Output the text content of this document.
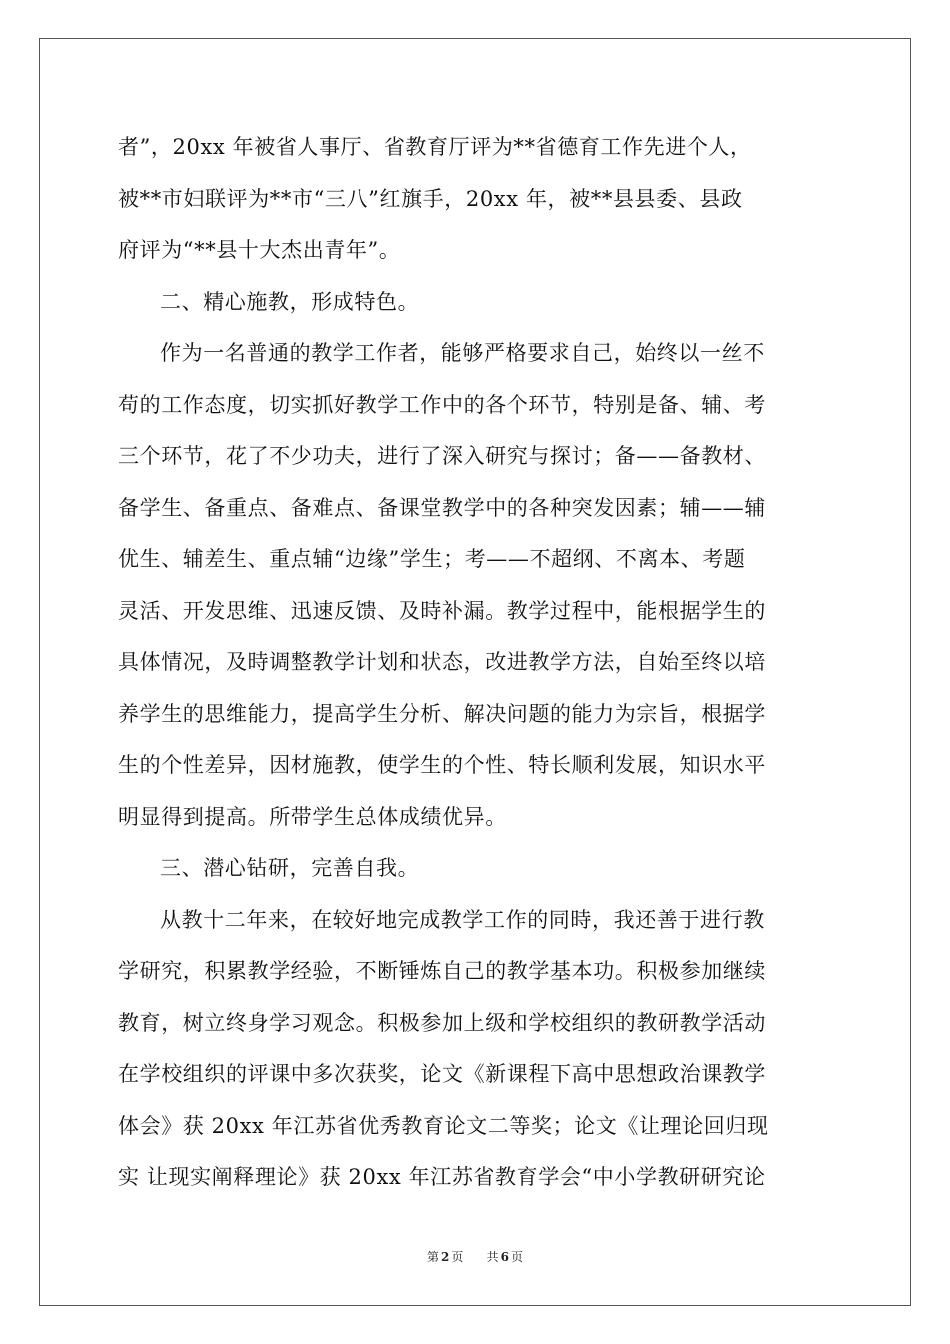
者”，20xx 年被省人事厅、省教育厅评为**省德育工作先进个人，
被**市妇联评为**市“三八”红旗手，20xx 年，被**县县委、县政
府评为“**县十大杰出青年”。
二、精心施教，形成特色。
作为一名普通的教学工作者，能够严格要求自己，始终以一丝不
苟的工作态度，切实抓好教学工作中的各个环节，特别是备、辅、考
三个环节，花了不少功夫，进行了深入研究与探讨；备——备教材、
备学生、备重点、备难点、备课堂教学中的各种突发因素；辅——辅
优生、辅差生、重点辅“边缘”学生；考——不超纲、不离本、考题
灵活、开发思维、迅速反馈、及時补漏。教学过程中，能根据学生的
具体情况，及時调整教学计划和状态，改进教学方法，自始至终以培
养学生的思维能力，提高学生分析、解决问题的能力为宗旨，根据学
生的个性差异，因材施教，使学生的个性、特长顺利发展，知识水平
明显得到提高。所带学生总体成绩优异。
三、潜心钻研，完善自我。
从教十二年来，在较好地完成教学工作的同時，我还善于进行教
学研究，积累教学经验，不断锤炼自己的教学基本功。积极参加继续
教育，树立终身学习观念。积极参加上级和学校组织的教研教学活动
在学校组织的评课中多次获奖，论文《新课程下高中思想政治课教学
体会》获 20xx 年江苏省优秀教育论文二等奖；论文《让理论回归现
实 让现实阐释理论》获 20xx 年江苏省教育学会“中小学教研研究论
第 2 页 共 6 页
